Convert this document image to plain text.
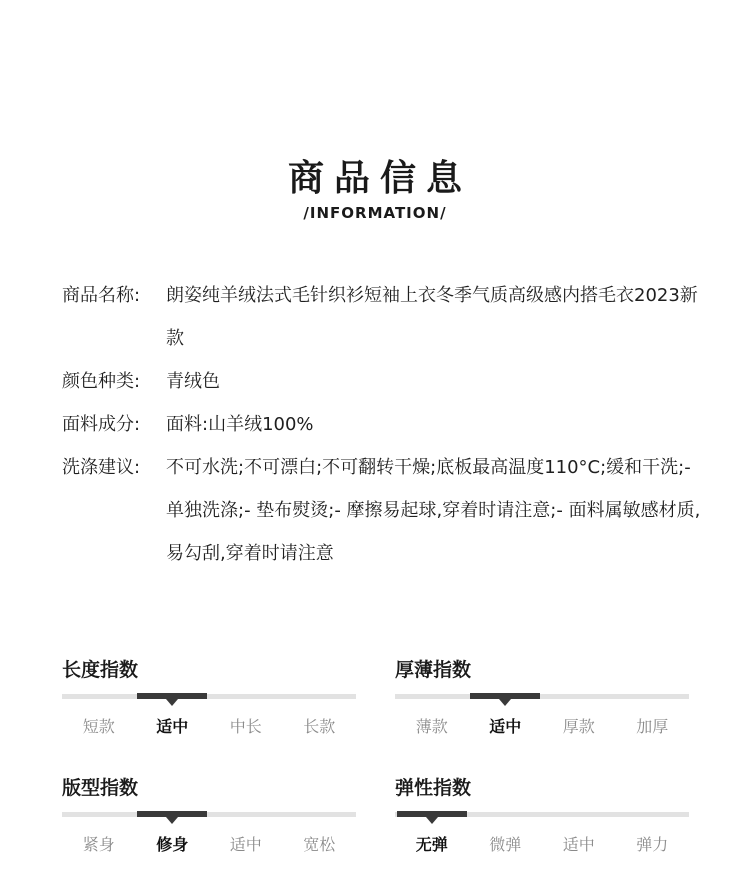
商品信息
/INFORMATION/
商品名称:	朗姿纯羊绒法式毛针织衫短袖上衣冬季气质高级感内搭毛衣2023新款
颜色种类:	青绒色
面料成分:	面料:山羊绒100%
洗涤建议:	不可水洗;不可漂白;不可翻转干燥;底板最高温度110°C;缓和干洗;- 单独洗涤;- 垫布熨烫;- 摩擦易起球,穿着时请注意;- 面料属敏感材质,易勾刮,穿着时请注意
长度指数
短款	适中	中长	长款
厚薄指数
薄款	适中	厚款	加厚
版型指数
紧身	修身	适中	宽松
弹性指数
无弹	微弹	适中	弹力
